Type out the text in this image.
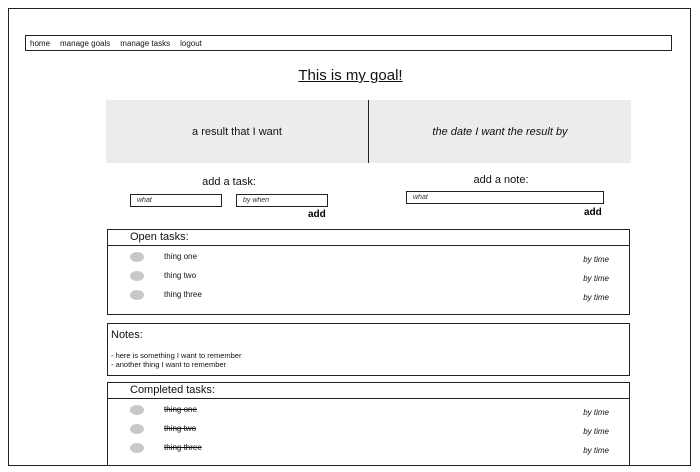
home manage goals manage tasks logout
This is my goal!
a result that I want	the date I want the result by
add a task:
what
by when
add
add a note:
what
add
Open tasks:
thing one	by time
thing two	by time
thing three	by time
Notes:
- here is something I want to remember
- another thing I want to remember
Completed tasks:
thing one	by time
thing two	by time
thing three	by time
